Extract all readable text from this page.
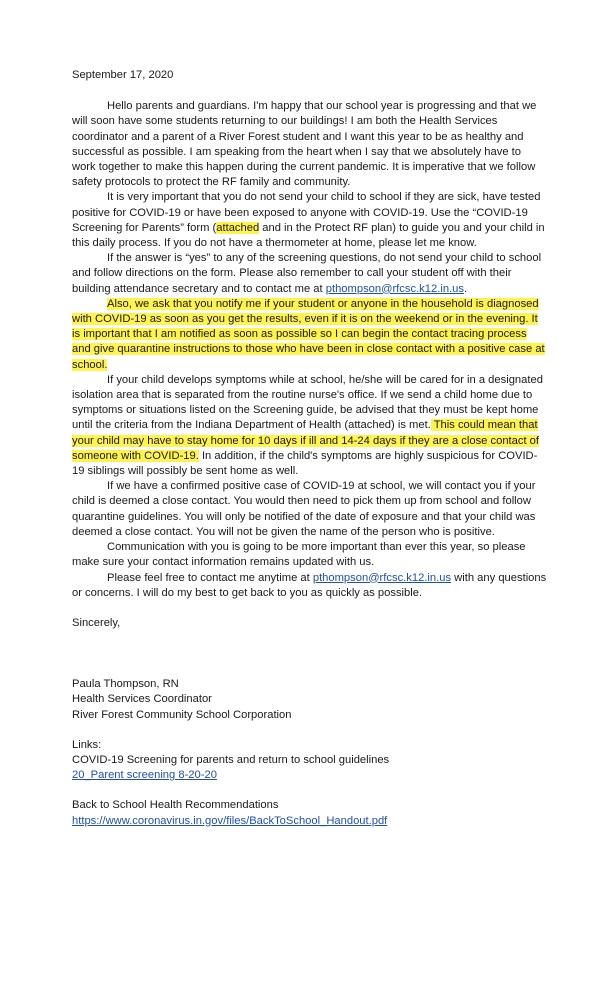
September 17, 2020

Hello parents and guardians. I'm happy that our school year is progressing and that we will soon have some students returning to our buildings! I am both the Health Services coordinator and a parent of a River Forest student and I want this year to be as healthy and successful as possible. I am speaking from the heart when I say that we absolutely have to work together to make this happen during the current pandemic. It is imperative that we follow safety protocols to protect the RF family and community.

It is very important that you do not send your child to school if they are sick, have tested positive for COVID-19 or have been exposed to anyone with COVID-19. Use the “COVID-19 Screening for Parents” form (attached and in the Protect RF plan) to guide you and your child in this daily process. If you do not have a thermometer at home, please let me know.

If the answer is “yes” to any of the screening questions, do not send your child to school and follow directions on the form. Please also remember to call your student off with their building attendance secretary and to contact me at pthompson@rfcsc.k12.in.us.

Also, we ask that you notify me if your student or anyone in the household is diagnosed with COVID-19 as soon as you get the results, even if it is on the weekend or in the evening. It is important that I am notified as soon as possible so I can begin the contact tracing process and give quarantine instructions to those who have been in close contact with a positive case at school.

If your child develops symptoms while at school, he/she will be cared for in a designated isolation area that is separated from the routine nurse's office. If we send a child home due to symptoms or situations listed on the Screening guide, be advised that they must be kept home until the criteria from the Indiana Department of Health (attached) is met. This could mean that your child may have to stay home for 10 days if ill and 14-24 days if they are a close contact of someone with COVID-19. In addition, if the child's symptoms are highly suspicious for COVID-19 siblings will possibly be sent home as well.

If we have a confirmed positive case of COVID-19 at school, we will contact you if your child is deemed a close contact. You would then need to pick them up from school and follow quarantine guidelines. You will only be notified of the date of exposure and that your child was deemed a close contact. You will not be given the name of the person who is positive.

Communication with you is going to be more important than ever this year, so please make sure your contact information remains updated with us.

Please feel free to contact me anytime at pthompson@rfcsc.k12.in.us with any questions or concerns. I will do my best to get back to you as quickly as possible.

Sincerely,

Paula Thompson, RN

Health Services Coordinator

River Forest Community School Corporation

Links:

COVID-19 Screening for parents and return to school guidelines

20_Parent screening 8-20-20

Back to School Health Recommendations

https://www.coronavirus.in.gov/files/BackToSchool_Handout.pdf
